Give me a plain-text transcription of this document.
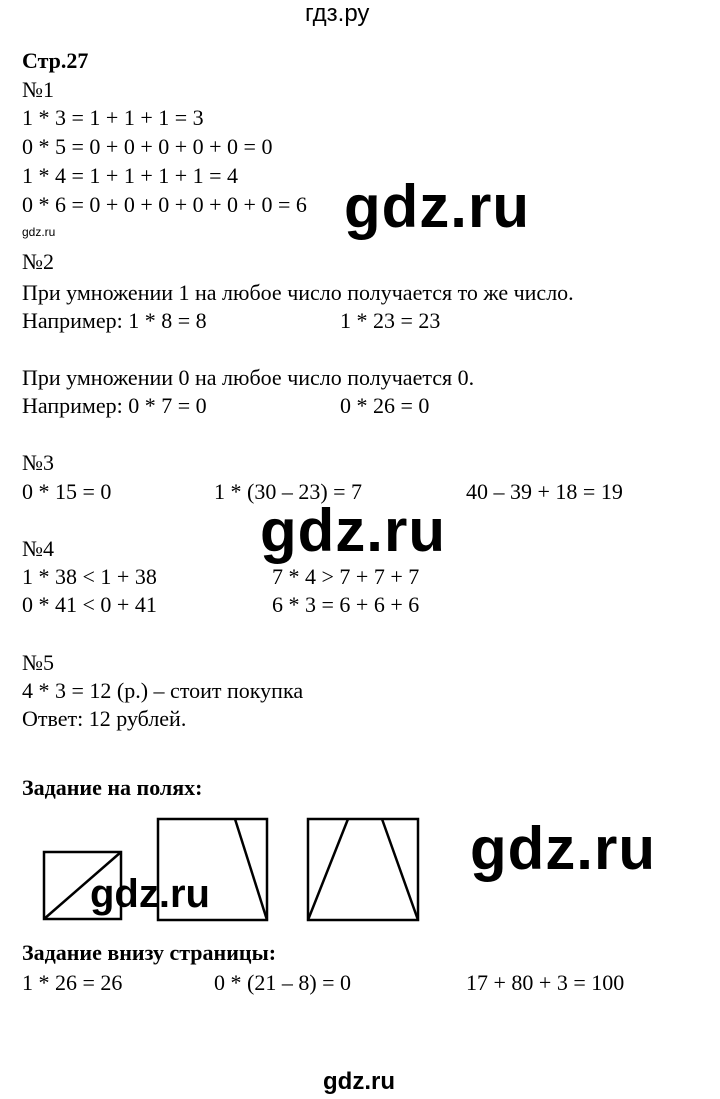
гдз.ру
Стр.27
№1
1 * 3 = 1 + 1 + 1 = 3
0 * 5 = 0 + 0 + 0 + 0 + 0 = 0
1 * 4 = 1 + 1 + 1 + 1 = 4
0 * 6 = 0 + 0 + 0 + 0 + 0 + 0 = 6 gdz.ru
gdz.ru
№2
При умножении 1 на любое число получается то же число.
Например: 1 * 8 = 8	1 * 23 = 23
При умножении 0 на любое число получается 0.
Например: 0 * 7 = 0	0 * 26 = 0
№3
0 * 15 = 0	1 * (30 – 23) = 7	40 – 39 + 18 = 19
gdz.ru
№4
1 * 38 < 1 + 38	7 * 4 > 7 + 7 + 7
0 * 41 < 0 + 41	6 * 3 = 6 + 6 + 6
№5
4 * 3 = 12 (р.) – стоит покупка
Ответ: 12 рублей.
Задание на полях:
gdz.ru
gdz.ru
Задание внизу страницы:
1 * 26 = 26	0 * (21 – 8) = 0	17 + 80 + 3 = 100
gdz.ru
